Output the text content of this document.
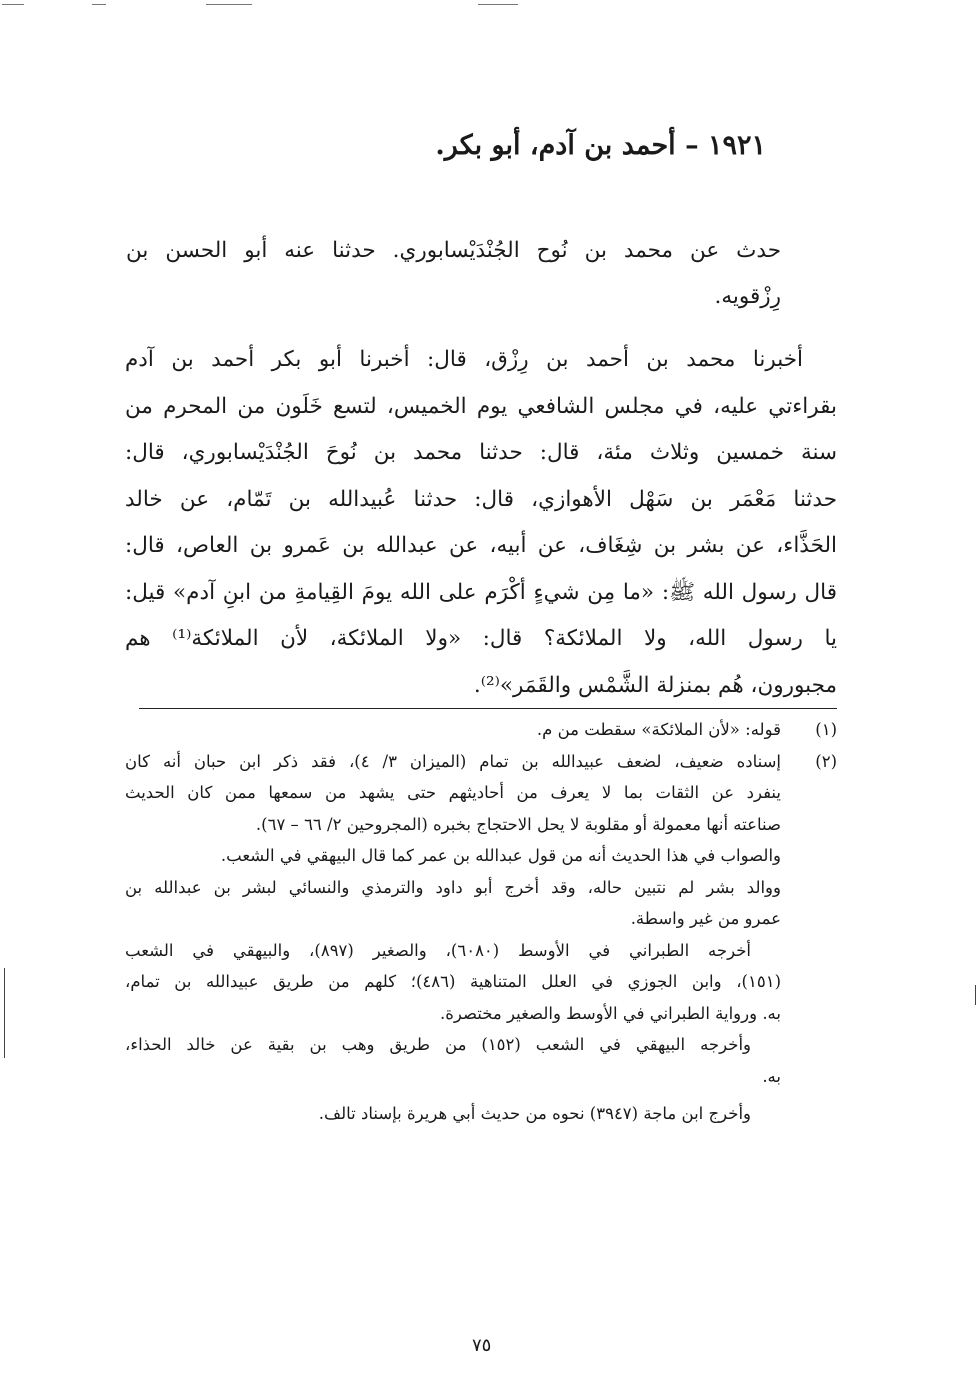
١٩٢١ – أحمد بن آدم، أبو بكر.
حدث عن محمد بن نُوح الجُنْدَيْسابوري. حدثنا عنه أبو الحسن بن
رِزْقويه.
أخبرنا محمد بن أحمد بن رِزْق، قال: أخبرنا أبو بكر أحمد بن آدم
بقراءتي عليه، في مجلس الشافعي يوم الخميس، لتسع خَلَون من المحرم من
سنة خمسين وثلاث مئة، قال: حدثنا محمد بن نُوحَ الجُنْدَيْسابوري، قال:
حدثنا مَعْمَر بن سَهْل الأهوازي، قال: حدثنا عُبيدالله بن تَمّام، عن خالد
الحَذَّاء، عن بشر بن شِغَاف، عن أبيه، عن عبدالله بن عَمرو بن العاص، قال:
قال رسول الله ﷺ: «ما مِن شيءٍ أكْرَم على الله يومَ القِيامةِ من ابنِ آدم» قيل:
يا رسول الله، ولا الملائكة؟ قال: «ولا الملائكة، لأن الملائكة⁽¹⁾ هم
مجبورون، هُم بمنزلة الشَّمْس والقَمَر»⁽²⁾.
(١)
قوله: «لأن الملائكة» سقطت من م.
(٢)
إسناده ضعيف، لضعف عبيدالله بن تمام (الميزان ٣/ ٤)، فقد ذكر ابن حبان أنه كان
ينفرد عن الثقات بما لا يعرف من أحاديثهم حتى يشهد من سمعها ممن كان الحديث
صناعته أنها معمولة أو مقلوبة لا يحل الاحتجاج بخبره (المجروحين ٢/ ٦٦ – ٦٧).
والصواب في هذا الحديث أنه من قول عبدالله بن عمر كما قال البيهقي في الشعب.
ووالد بشر لم نتبين حاله، وقد أخرج أبو داود والترمذي والنسائي لبشر بن عبدالله بن
عمرو من غير واسطة.
أخرجه الطبراني في الأوسط (٦٠٨٠)، والصغير (٨٩٧)، والبيهقي في الشعب
(١٥١)، وابن الجوزي في العلل المتناهية (٤٨٦)؛ كلهم من طريق عبيدالله بن تمام،
به. ورواية الطبراني في الأوسط والصغير مختصرة.
وأخرجه البيهقي في الشعب (١٥٢) من طريق وهب بن بقية عن خالد الحذاء،
به.
وأخرج ابن ماجة (٣٩٤٧) نحوه من حديث أبي هريرة بإسناد تالف.
٧٥
